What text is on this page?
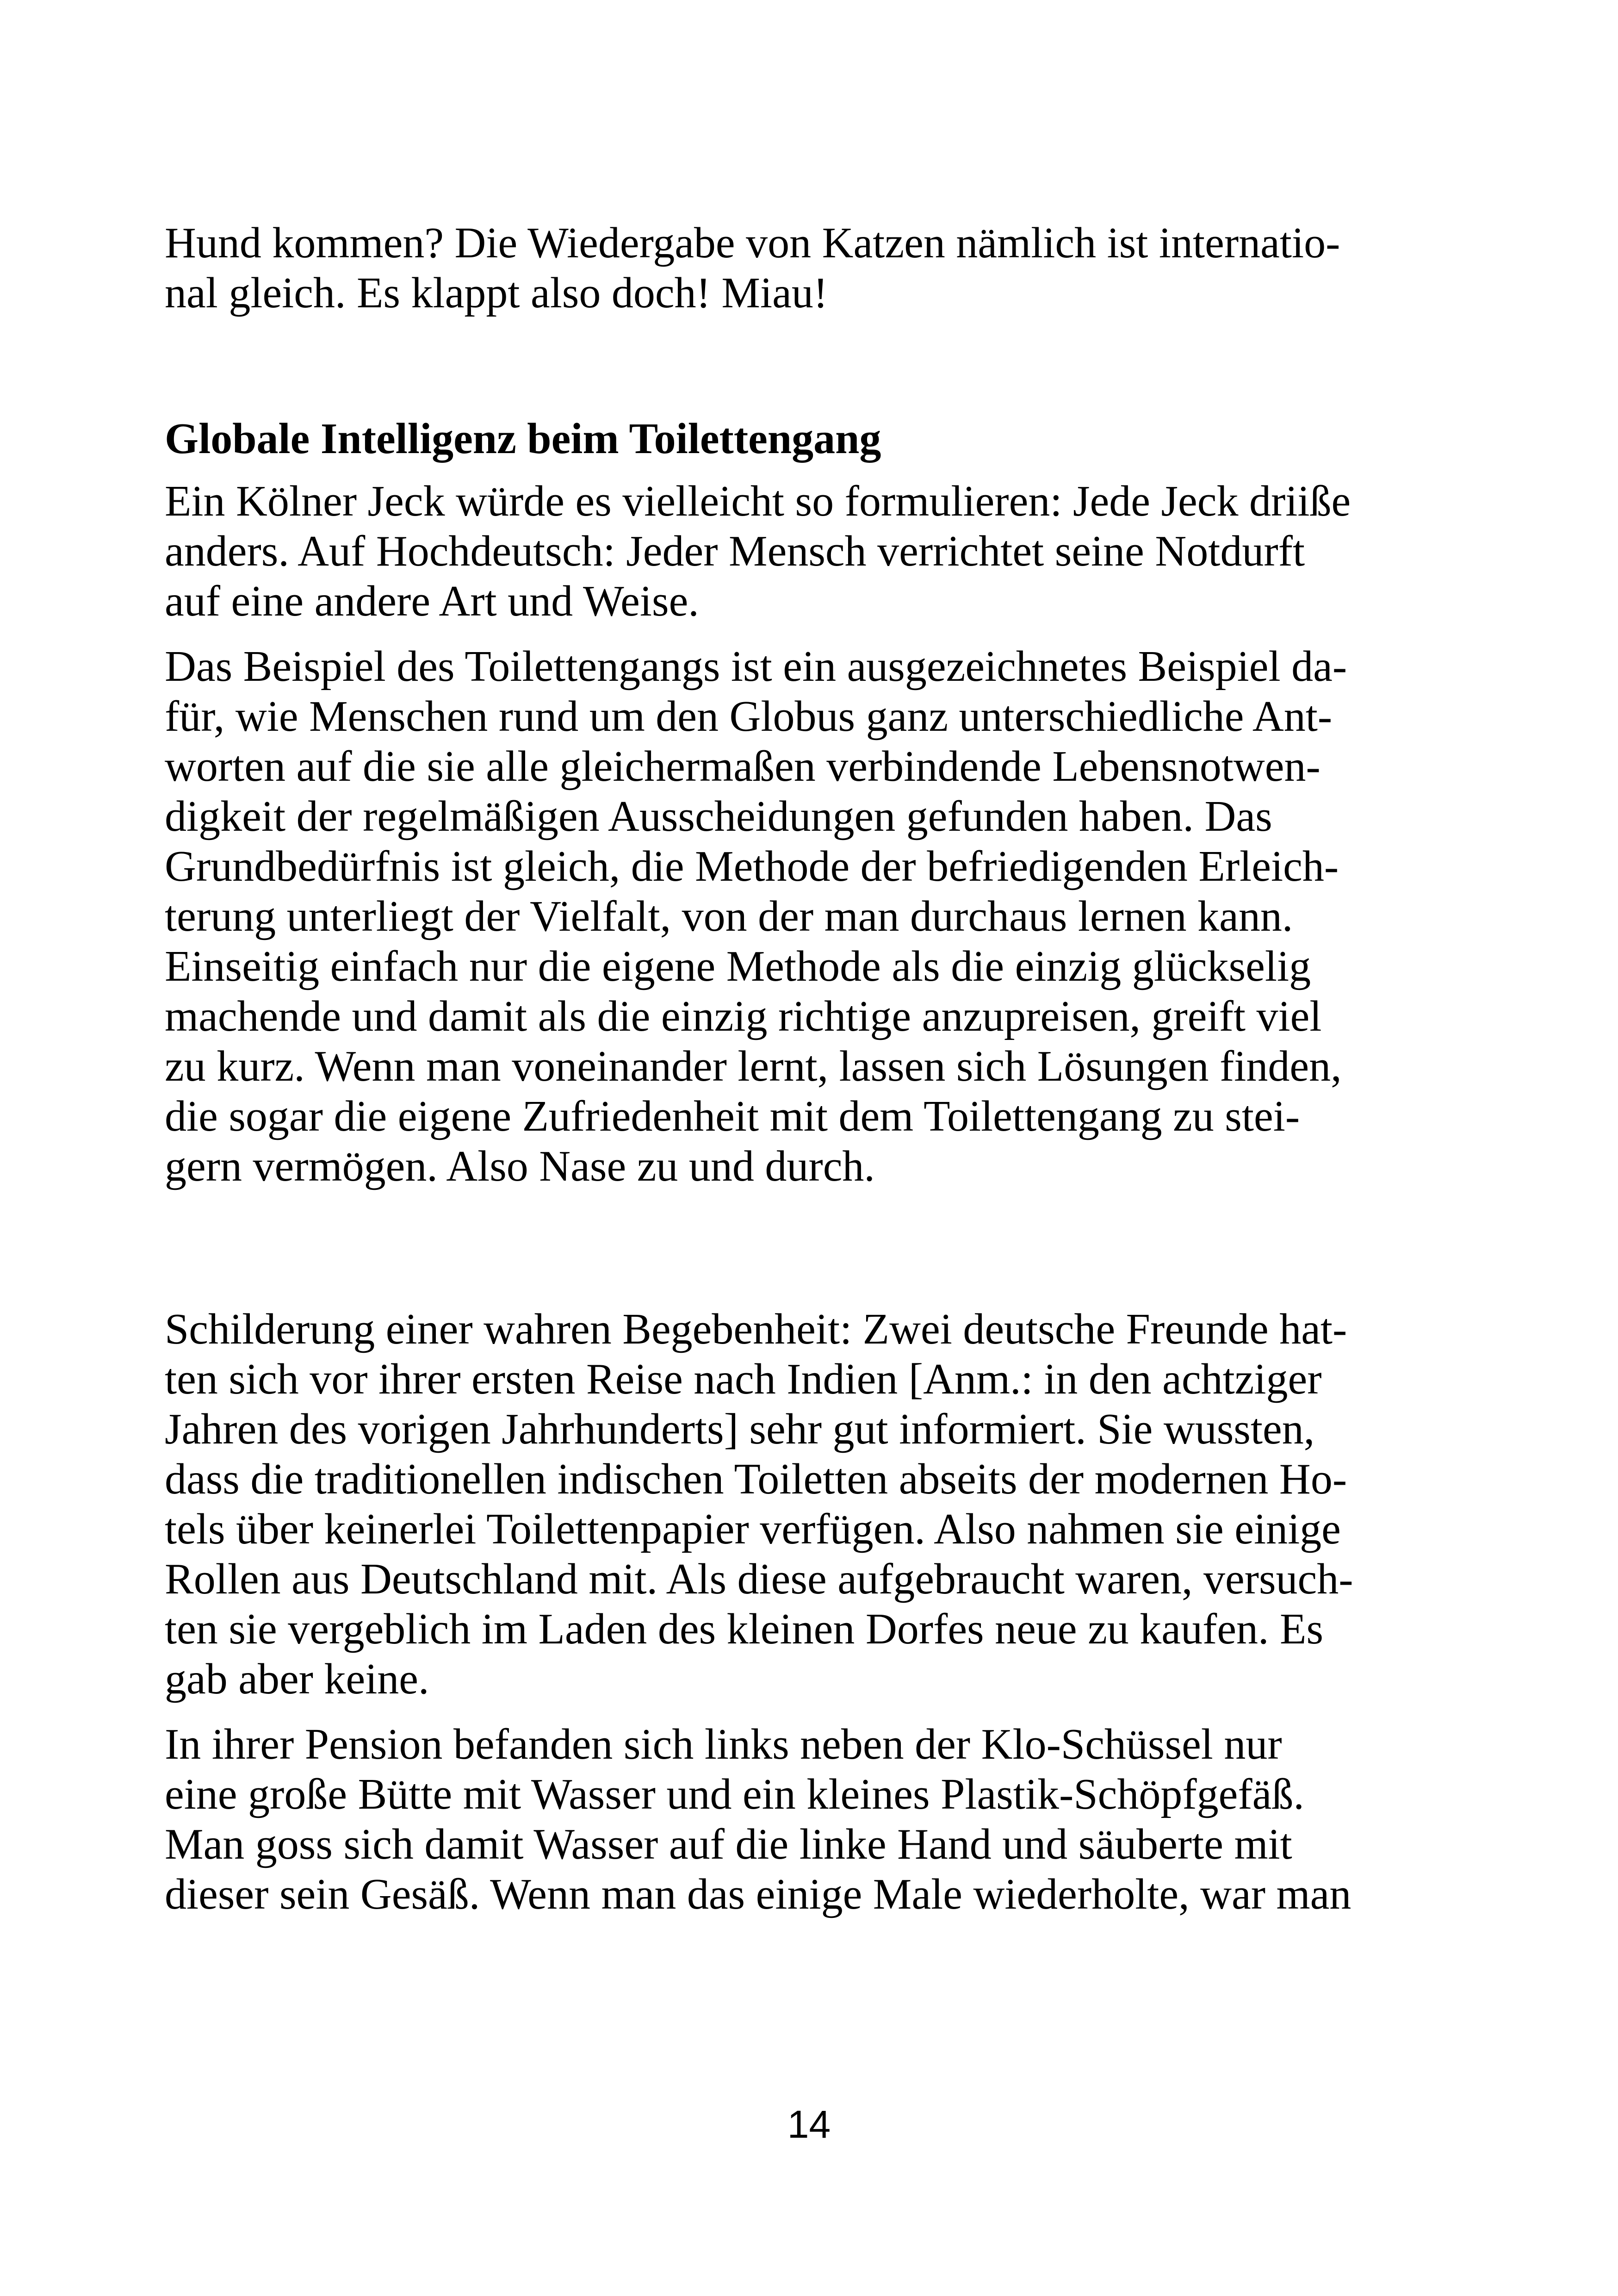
Hund kommen? Die Wiedergabe von Katzen nämlich ist internatio-

nal gleich. Es klappt also doch! Miau!

Globale Intelligenz beim Toilettengang

Ein Kölner Jeck würde es vielleicht so formulieren: Jede Jeck driiße

anders. Auf Hochdeutsch: Jeder Mensch verrichtet seine Notdurft

auf eine andere Art und Weise.

Das Beispiel des Toilettengangs ist ein ausgezeichnetes Beispiel da-

für, wie Menschen rund um den Globus ganz unterschiedliche Ant-

worten auf die sie alle gleichermaßen verbindende Lebensnotwen-

digkeit der regelmäßigen Ausscheidungen gefunden haben. Das

Grundbedürfnis ist gleich, die Methode der befriedigenden Erleich-

terung unterliegt der Vielfalt, von der man durchaus lernen kann.

Einseitig einfach nur die eigene Methode als die einzig glückselig

machende und damit als die einzig richtige anzupreisen, greift viel

zu kurz. Wenn man voneinander lernt, lassen sich Lösungen finden,

die sogar die eigene Zufriedenheit mit dem Toilettengang zu stei-

gern vermögen. Also Nase zu und durch.

Schilderung einer wahren Begebenheit: Zwei deutsche Freunde hat-

ten sich vor ihrer ersten Reise nach Indien [Anm.: in den achtziger

Jahren des vorigen Jahrhunderts] sehr gut informiert. Sie wussten,

dass die traditionellen indischen Toiletten abseits der modernen Ho-

tels über keinerlei Toilettenpapier verfügen. Also nahmen sie einige

Rollen aus Deutschland mit. Als diese aufgebraucht waren, versuch-

ten sie vergeblich im Laden des kleinen Dorfes neue zu kaufen. Es

gab aber keine.

In ihrer Pension befanden sich links neben der Klo-Schüssel nur

eine große Bütte mit Wasser und ein kleines Plastik-Schöpfgefäß.

Man goss sich damit Wasser auf die linke Hand und säuberte mit

dieser sein Gesäß. Wenn man das einige Male wiederholte, war man

14
